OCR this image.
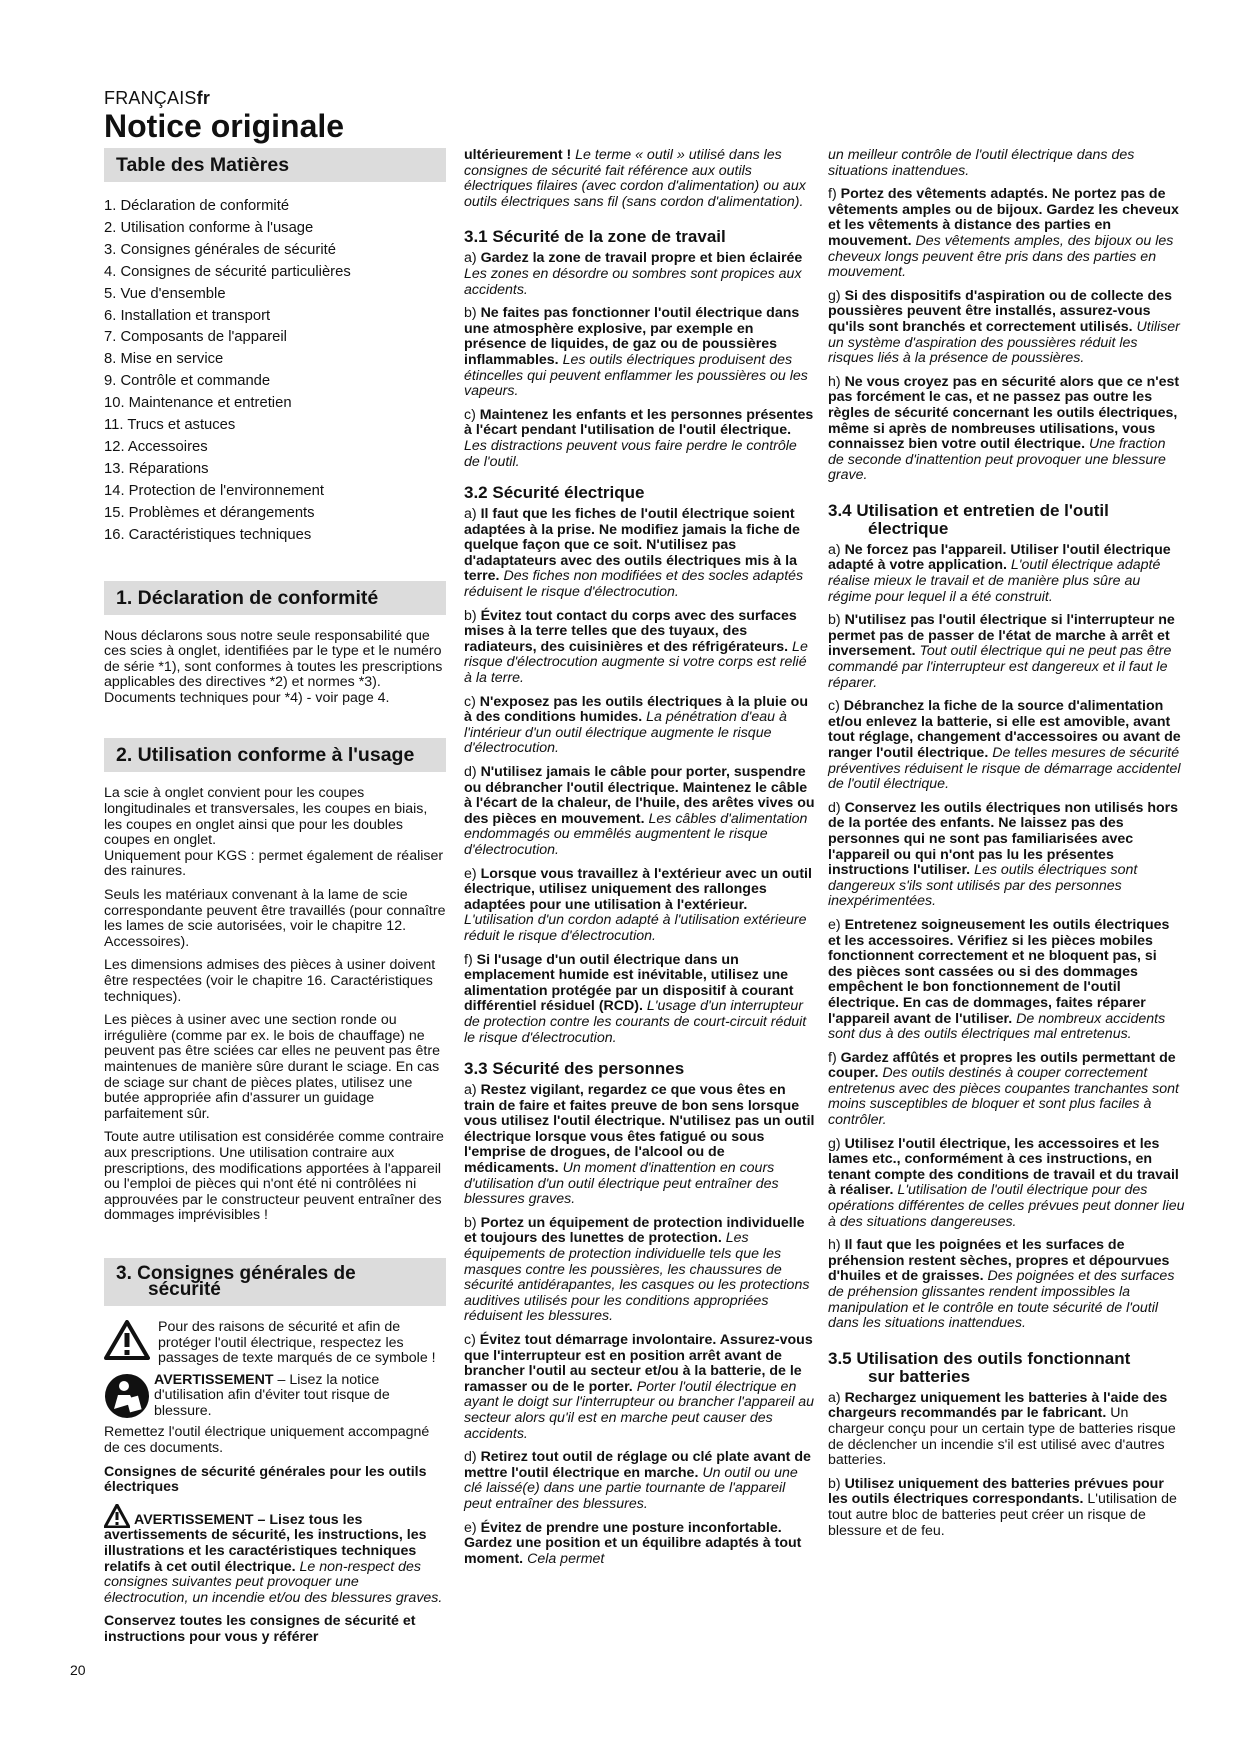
FRANÇAISfr
Notice originale
20
Table des Matières
1. Déclaration de conformité
2. Utilisation conforme à l'usage
3. Consignes générales de sécurité
4. Consignes de sécurité particulières
5. Vue d'ensemble
6. Installation et transport
7. Composants de l'appareil
8. Mise en service
9. Contrôle et commande
10. Maintenance et entretien
11. Trucs et astuces
12. Accessoires
13. Réparations
14. Protection de l'environnement
15. Problèmes et dérangements
16. Caractéristiques techniques
1. Déclaration de conformité

Nous déclarons sous notre seule responsabilité que ces scies à onglet, identifiées par le type et le numéro de série *1), sont conformes à toutes les prescriptions applicables des directives *2) et normes *3). Documents techniques pour *4) - voir page 4.

2. Utilisation conforme à l'usage

La scie à onglet convient pour les coupes longitudinales et transversales, les coupes en biais, les coupes en onglet ainsi que pour les doubles coupes en onglet.
Uniquement pour KGS : permet également de réaliser des rainures.

Seuls les matériaux convenant à la lame de scie correspondante peuvent être travaillés (pour connaître les lames de scie autorisées, voir le chapitre 12. Accessoires).

Les dimensions admises des pièces à usiner doivent être respectées (voir le chapitre 16. Caractéristiques techniques).

Les pièces à usiner avec une section ronde ou irrégulière (comme par ex. le bois de chauffage) ne peuvent pas être sciées car elles ne peuvent pas être maintenues de manière sûre durant le sciage. En cas de sciage sur chant de pièces plates, utilisez une butée appropriée afin d'assurer un guidage parfaitement sûr.

Toute autre utilisation est considérée comme contraire aux prescriptions. Une utilisation contraire aux prescriptions, des modifications apportées à l'appareil ou l'emploi de pièces qui n'ont été ni contrôlées ni approuvées par le constructeur peuvent entraîner des dommages imprévisibles !

3. Consignes générales de
sécurité
Pour des raisons de sécurité et afin de protéger l'outil électrique, respectez les passages de texte marqués de ce symbole !
AVERTISSEMENT – Lisez la notice d'utilisation afin d'éviter tout risque de blessure.

Remettez l'outil électrique uniquement accompagné de ces documents.

Consignes de sécurité générales pour les outils électriques

AVERTISSEMENT – Lisez tous les avertissements de sécurité, les instructions, les illustrations et les caractéristiques techniques relatifs à cet outil électrique. Le non-respect des consignes suivantes peut provoquer une électrocution, un incendie et/ou des blessures graves.

Conservez toutes les consignes de sécurité et instructions pour vous y référer

ultérieurement ! Le terme « outil » utilisé dans les consignes de sécurité fait référence aux outils électriques filaires (avec cordon d'alimentation) ou aux outils électriques sans fil (sans cordon d'alimentation).

3.1 Sécurité de la zone de travail

a) Gardez la zone de travail propre et bien éclairée Les zones en désordre ou sombres sont propices aux accidents.

b) Ne faites pas fonctionner l'outil électrique dans une atmosphère explosive, par exemple en présence de liquides, de gaz ou de poussières inflammables. Les outils électriques produisent des étincelles qui peuvent enflammer les poussières ou les vapeurs.

c) Maintenez les enfants et les personnes présentes à l'écart pendant l'utilisation de l'outil électrique. Les distractions peuvent vous faire perdre le contrôle de l'outil.

3.2 Sécurité électrique

a) Il faut que les fiches de l'outil électrique soient adaptées à la prise. Ne modifiez jamais la fiche de quelque façon que ce soit. N'utilisez pas d'adaptateurs avec des outils électriques mis à la terre. Des fiches non modifiées et des socles adaptés réduisent le risque d'électrocution.

b) Évitez tout contact du corps avec des surfaces mises à la terre telles que des tuyaux, des radiateurs, des cuisinières et des réfrigérateurs. Le risque d'électrocution augmente si votre corps est relié à la terre.

c) N'exposez pas les outils électriques à la pluie ou à des conditions humides. La pénétration d'eau à l'intérieur d'un outil électrique augmente le risque d'électrocution.

d) N'utilisez jamais le câble pour porter, suspendre ou débrancher l'outil électrique. Maintenez le câble à l'écart de la chaleur, de l'huile, des arêtes vives ou des pièces en mouvement. Les câbles d'alimentation endommagés ou emmêlés augmentent le risque d'électrocution.

e) Lorsque vous travaillez à l'extérieur avec un outil électrique, utilisez uniquement des rallonges adaptées pour une utilisation à l'extérieur. L'utilisation d'un cordon adapté à l'utilisation extérieure réduit le risque d'électrocution.

f) Si l'usage d'un outil électrique dans un emplacement humide est inévitable, utilisez une alimentation protégée par un dispositif à courant différentiel résiduel (RCD). L'usage d'un interrupteur de protection contre les courants de court-circuit réduit le risque d'électrocution.

3.3 Sécurité des personnes

a) Restez vigilant, regardez ce que vous êtes en train de faire et faites preuve de bon sens lorsque vous utilisez l'outil électrique. N'utilisez pas un outil électrique lorsque vous êtes fatigué ou sous l'emprise de drogues, de l'alcool ou de médicaments. Un moment d'inattention en cours d'utilisation d'un outil électrique peut entraîner des blessures graves.

b) Portez un équipement de protection individuelle et toujours des lunettes de protection. Les équipements de protection individuelle tels que les masques contre les poussières, les chaussures de sécurité antidérapantes, les casques ou les protections auditives utilisés pour les conditions appropriées réduisent les blessures.

c) Évitez tout démarrage involontaire. Assurez-vous que l'interrupteur est en position arrêt avant de brancher l'outil au secteur et/ou à la batterie, de le ramasser ou de le porter. Porter l'outil électrique en ayant le doigt sur l'interrupteur ou brancher l'appareil au secteur alors qu'il est en marche peut causer des accidents.

d) Retirez tout outil de réglage ou clé plate avant de mettre l'outil électrique en marche. Un outil ou une clé laissé(e) dans une partie tournante de l'appareil peut entraîner des blessures.

e) Évitez de prendre une posture inconfortable. Gardez une position et un équilibre adaptés à tout moment. Cela permet

un meilleur contrôle de l'outil électrique dans des situations inattendues.

f) Portez des vêtements adaptés. Ne portez pas de vêtements amples ou de bijoux. Gardez les cheveux et les vêtements à distance des parties en mouvement. Des vêtements amples, des bijoux ou les cheveux longs peuvent être pris dans des parties en mouvement.

g) Si des dispositifs d'aspiration ou de collecte des poussières peuvent être installés, assurez-vous qu'ils sont branchés et correctement utilisés. Utiliser un système d'aspiration des poussières réduit les risques liés à la présence de poussières.

h) Ne vous croyez pas en sécurité alors que ce n'est pas forcément le cas, et ne passez pas outre les règles de sécurité concernant les outils électriques, même si après de nombreuses utilisations, vous connaissez bien votre outil électrique. Une fraction de seconde d'inattention peut provoquer une blessure grave.

3.4 Utilisation et entretien de l'outil
électrique

a) Ne forcez pas l'appareil. Utiliser l'outil électrique adapté à votre application. L'outil électrique adapté réalise mieux le travail et de manière plus sûre au régime pour lequel il a été construit.

b) N'utilisez pas l'outil électrique si l'interrupteur ne permet pas de passer de l'état de marche à arrêt et inversement. Tout outil électrique qui ne peut pas être commandé par l'interrupteur est dangereux et il faut le réparer.

c) Débranchez la fiche de la source d'alimentation et/ou enlevez la batterie, si elle est amovible, avant tout réglage, changement d'accessoires ou avant de ranger l'outil électrique. De telles mesures de sécurité préventives réduisent le risque de démarrage accidentel de l'outil électrique.

d) Conservez les outils électriques non utilisés hors de la portée des enfants. Ne laissez pas des personnes qui ne sont pas familiarisées avec l'appareil ou qui n'ont pas lu les présentes instructions l'utiliser. Les outils électriques sont dangereux s'ils sont utilisés par des personnes inexpérimentées.

e) Entretenez soigneusement les outils électriques et les accessoires. Vérifiez si les pièces mobiles fonctionnent correctement et ne bloquent pas, si des pièces sont cassées ou si des dommages empêchent le bon fonctionnement de l'outil électrique. En cas de dommages, faites réparer l'appareil avant de l'utiliser. De nombreux accidents sont dus à des outils électriques mal entretenus.

f) Gardez affûtés et propres les outils permettant de couper. Des outils destinés à couper correctement entretenus avec des pièces coupantes tranchantes sont moins susceptibles de bloquer et sont plus faciles à contrôler.

g) Utilisez l'outil électrique, les accessoires et les lames etc., conformément à ces instructions, en tenant compte des conditions de travail et du travail à réaliser. L'utilisation de l'outil électrique pour des opérations différentes de celles prévues peut donner lieu à des situations dangereuses.

h) Il faut que les poignées et les surfaces de préhension restent sèches, propres et dépourvues d'huiles et de graisses. Des poignées et des surfaces de préhension glissantes rendent impossibles la manipulation et le contrôle en toute sécurité de l'outil dans les situations inattendues.

3.5 Utilisation des outils fonctionnant
sur batteries

a) Rechargez uniquement les batteries à l'aide des chargeurs recommandés par le fabricant. Un chargeur conçu pour un certain type de batteries risque de déclencher un incendie s'il est utilisé avec d'autres batteries.

b) Utilisez uniquement des batteries prévues pour les outils électriques correspondants. L'utilisation de tout autre bloc de batteries peut créer un risque de blessure et de feu.
